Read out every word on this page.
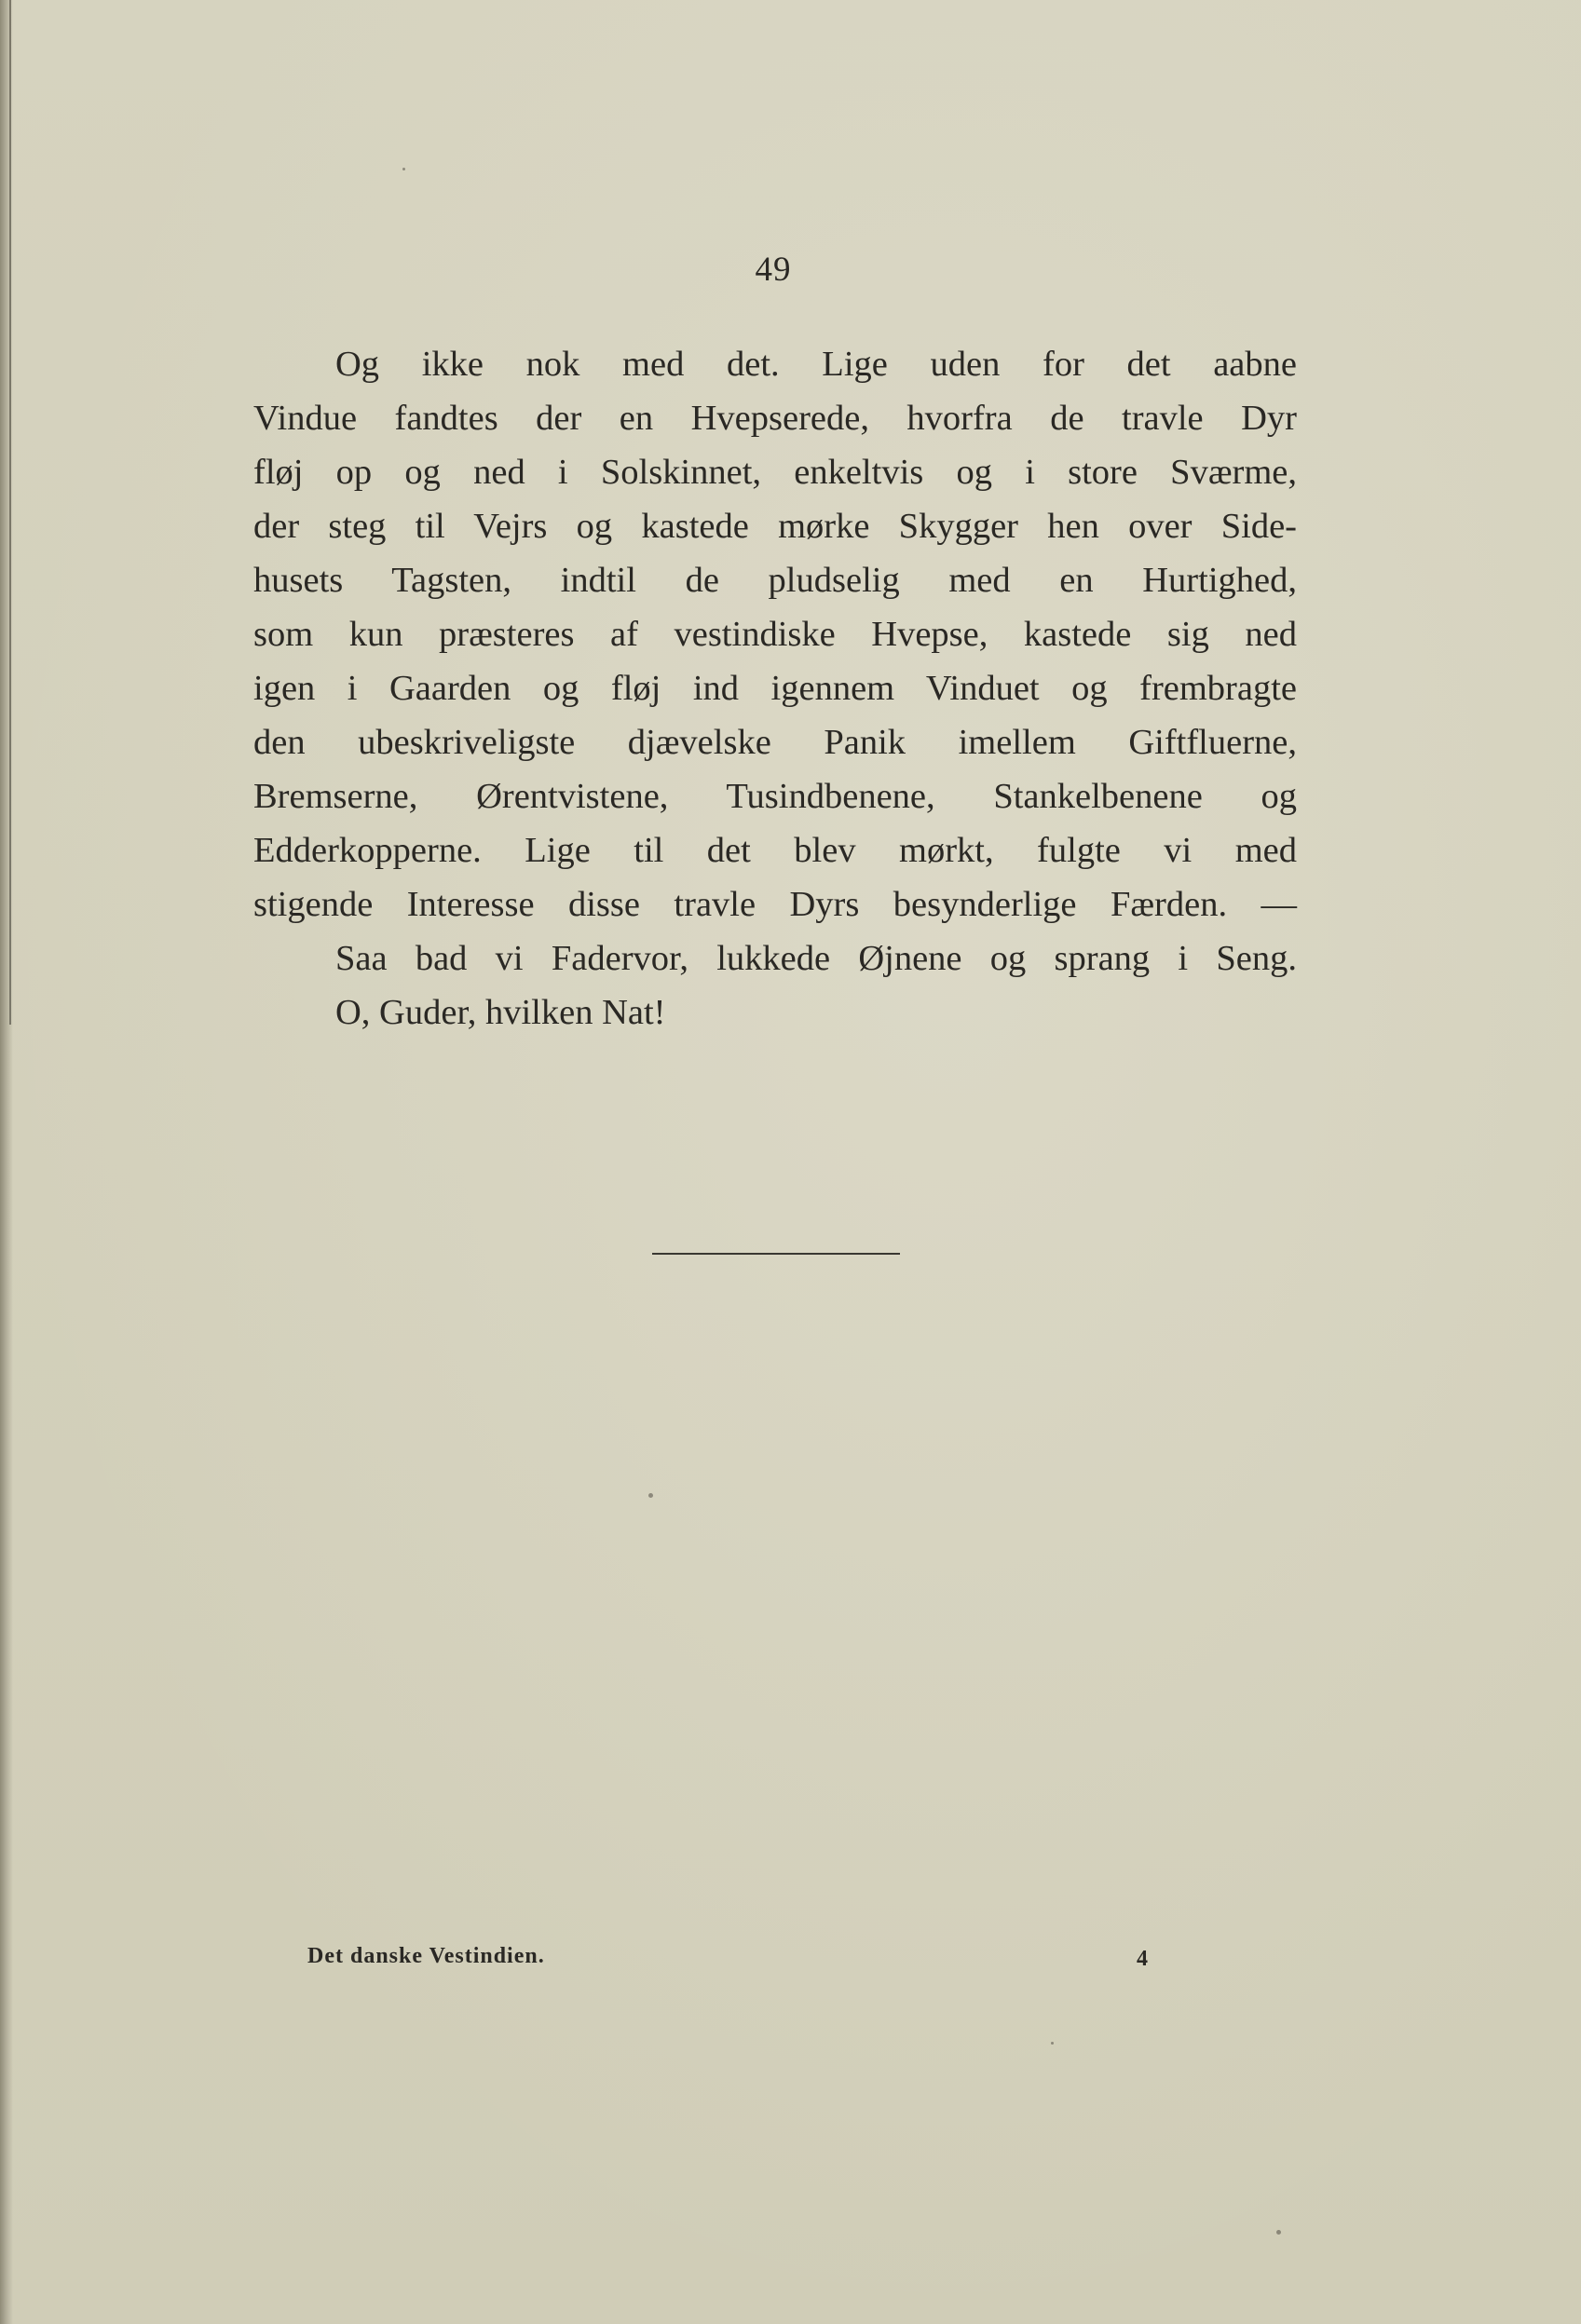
49
Og ikke nok med det. Lige uden for det aabne
Vindue fandtes der en Hvepserede, hvorfra de travle Dyr
fløj op og ned i Solskinnet, enkeltvis og i store Sværme,
der steg til Vejrs og kastede mørke Skygger hen over Side-
husets Tagsten, indtil de pludselig med en Hurtighed,
som kun præsteres af vestindiske Hvepse, kastede sig ned
igen i Gaarden og fløj ind igennem Vinduet og frembragte
den ubeskriveligste djævelske Panik imellem Giftfluerne,
Bremserne, Ørentvistene, Tusindbenene, Stankelbenene og
Edderkopperne. Lige til det blev mørkt, fulgte vi med
stigende Interesse disse travle Dyrs besynderlige Færden. —
Saa bad vi Fadervor, lukkede Øjnene og sprang i Seng.
O, Guder, hvilken Nat!
Det danske Vestindien.	4
